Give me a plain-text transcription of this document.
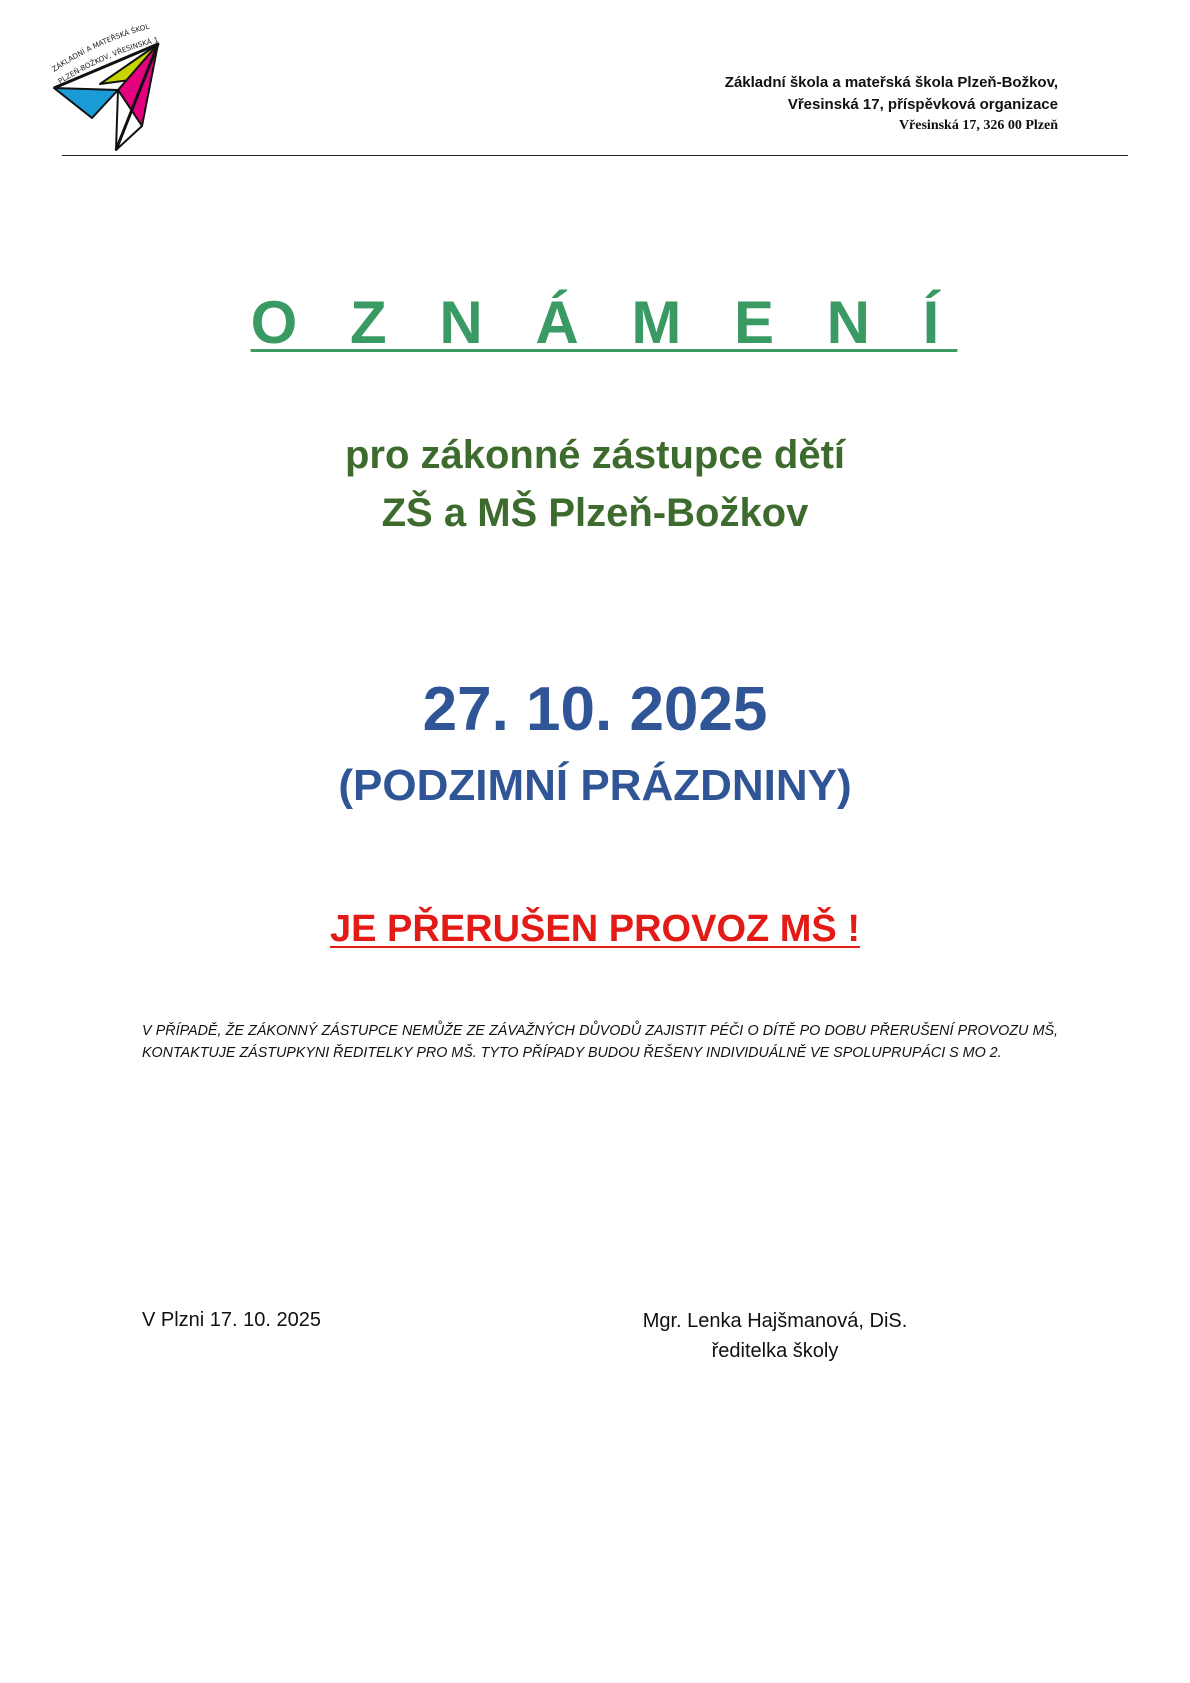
ZÁKLADNÍ A MATEŘSKÁ ŠKOL
PLZEŇ-BOŽKOV, VŘESINSKÁ 1
Základní škola a mateřská škola Plzeň-Božkov,
Vřesinská 17, příspěvková organizace
Vřesinská 17, 326 00 Plzeň
O Z N Á M E N Í
pro zákonné zástupce dětí
ZŠ a MŠ Plzeň-Božkov
27. 10. 2025
(PODZIMNÍ PRÁZDNINY)
JE PŘERUŠEN PROVOZ MŠ !
V PŘÍPADĚ, ŽE ZÁKONNÝ ZÁSTUPCE NEMŮŽE ZE ZÁVAŽNÝCH DŮVODŮ ZAJISTIT PÉČI O DÍTĚ PO DOBU PŘERUŠENÍ PROVOZU MŠ, KONTAKTUJE ZÁSTUPKYNI ŘEDITELKY PRO MŠ. TYTO PŘÍPADY BUDOU ŘEŠENY INDIVIDUÁLNĚ VE SPOLUPRUPÁCI S MO 2.
V Plzni 17. 10. 2025	Mgr. Lenka Hajšmanová, DiS.
ředitelka školy
